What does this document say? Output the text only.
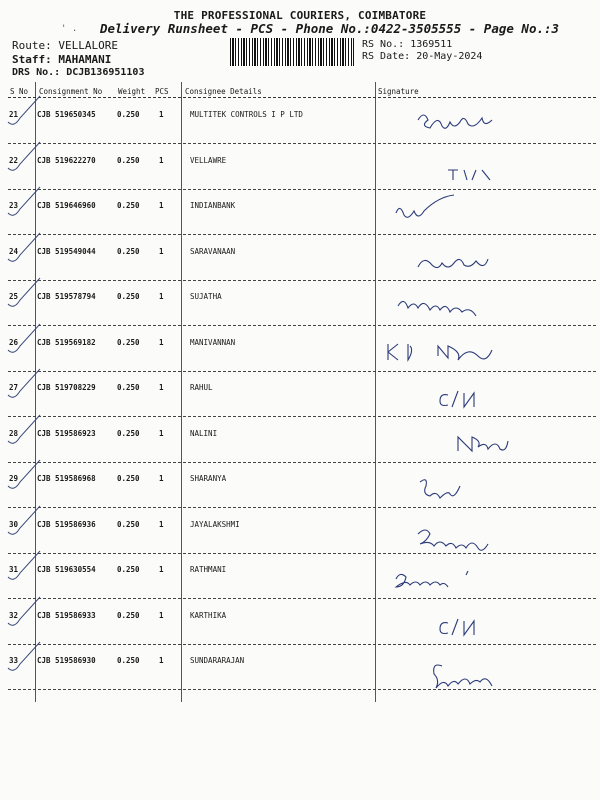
' .
THE PROFESSIONAL COURIERS, COIMBATORE
Delivery Runsheet - PCS - Phone No.:0422-3505555 - Page No.:3
Route: VELLALORE
Staff: MAHAMANI
DRS No.: DCJB136951103
RS No.: 1369511
RS Date: 20-May-2024
S No Consignment No Weight PCS Consignee Details	Signature
21	CJB 519650345	0.250	1	MULTITEK CONTROLS I P LTD
22	CJB 519622270	0.250	1	VELLAWRE
23	CJB 519646960	0.250	1	INDIANBANK
24	CJB 519549044	0.250	1	SARAVANAAN
25	CJB 519578794	0.250	1	SUJATHA
26	CJB 519569182	0.250	1	MANIVANNAN
27	CJB 519708229	0.250	1	RAHUL
28	CJB 519586923	0.250	1	NALINI
29	CJB 519586968	0.250	1	SHARANYA
30	CJB 519586936	0.250	1	JAYALAKSHMI
31	CJB 519630554	0.250	1	RATHMANI
32	CJB 519586933	0.250	1	KARTHIKA
33	CJB 519586930	0.250	1	SUNDARARAJAN
